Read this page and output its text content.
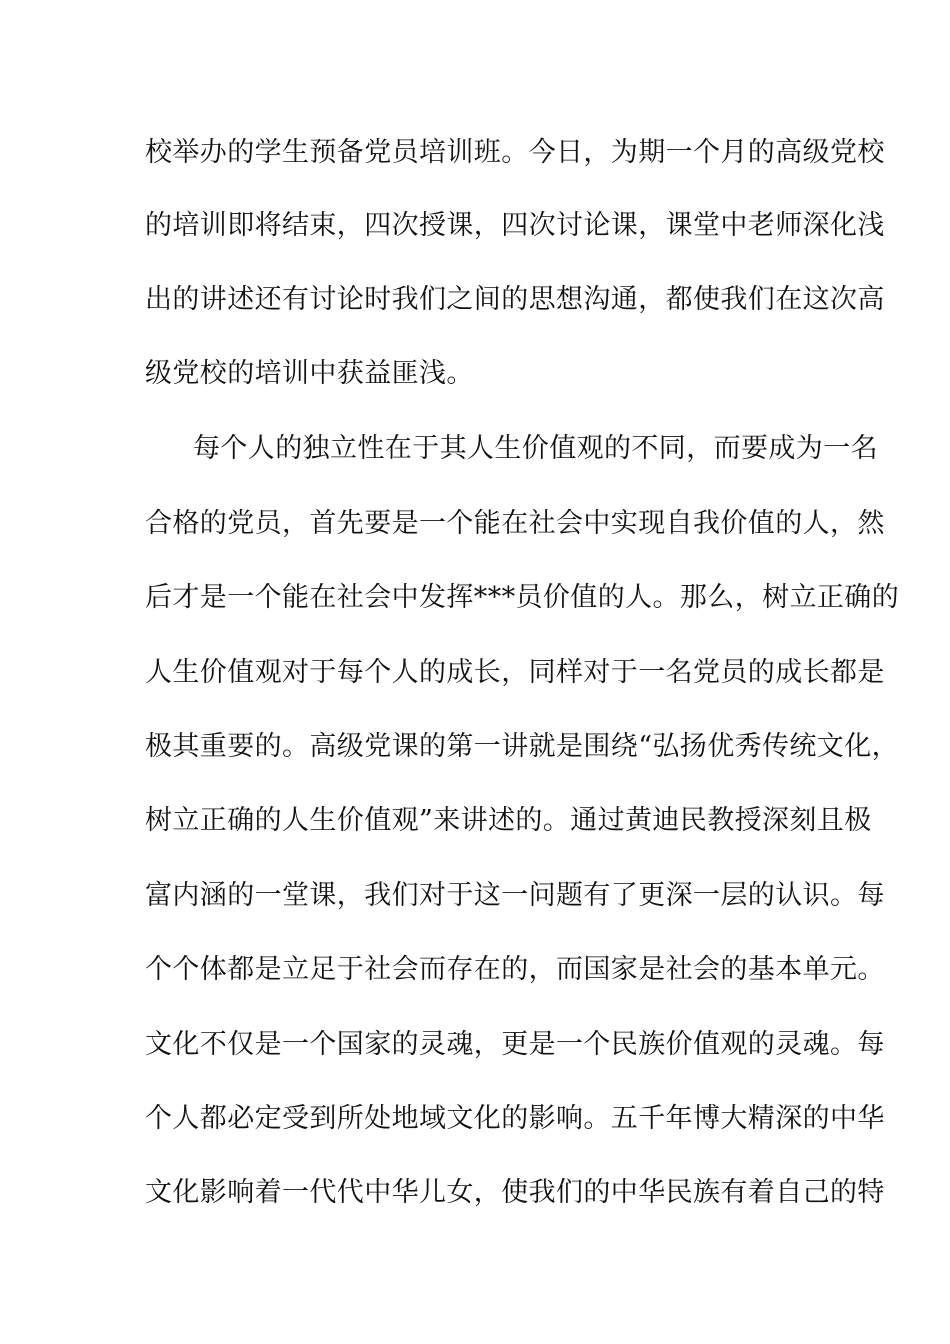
校举办的学生预备党员培训班。今日，为期一个月的高级党校
的培训即将结束，四次授课，四次讨论课，课堂中老师深化浅
出的讲述还有讨论时我们之间的思想沟通，都使我们在这次高
级党校的培训中获益匪浅。
每个人的独立性在于其人生价值观的不同，而要成为一名
合格的党员，首先要是一个能在社会中实现自我价值的人，然
后才是一个能在社会中发挥***员价值的人。那么，树立正确的
人生价值观对于每个人的成长，同样对于一名党员的成长都是
极其重要的。高级党课的第一讲就是围绕“弘扬优秀传统文化，
树立正确的人生价值观”来讲述的。通过黄迪民教授深刻且极
富内涵的一堂课，我们对于这一问题有了更深一层的认识。每
个个体都是立足于社会而存在的，而国家是社会的基本单元。
文化不仅是一个国家的灵魂，更是一个民族价值观的灵魂。每
个人都必定受到所处地域文化的影响。五千年博大精深的中华
文化影响着一代代中华儿女，使我们的中华民族有着自己的特
